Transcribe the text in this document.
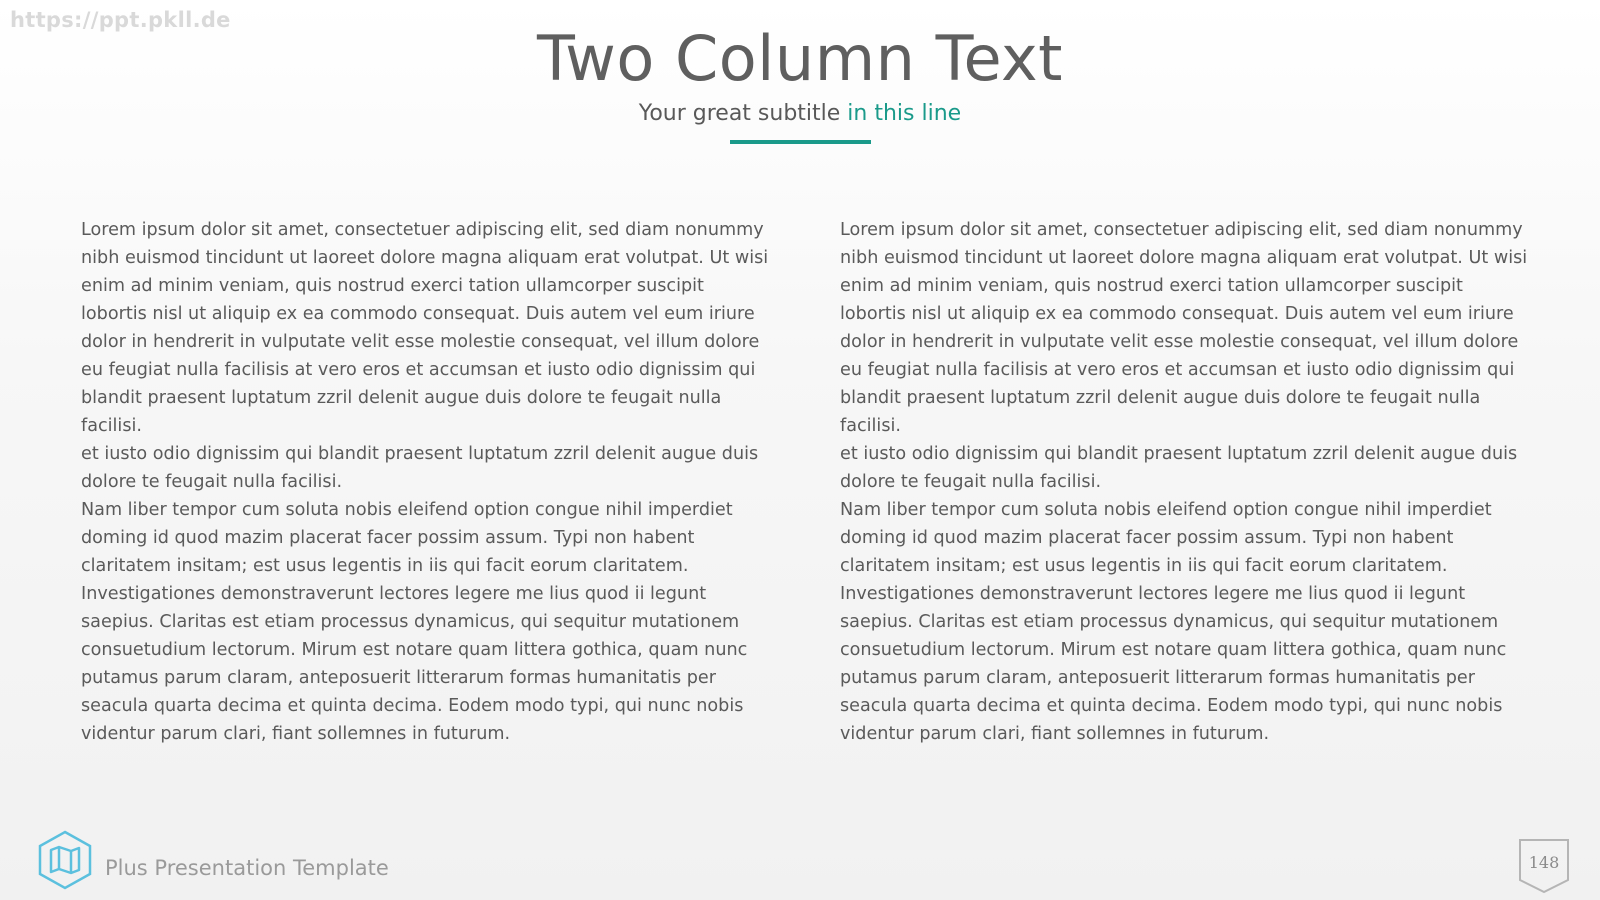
https://ppt.pkll.de
Two Column Text
Your great subtitle in this line

Lorem ipsum dolor sit amet, consectetuer adipiscing elit, sed diam nonummy nibh euismod tincidunt ut laoreet dolore magna aliquam erat volutpat. Ut wisi enim ad minim veniam, quis nostrud exerci tation ullamcorper suscipit lobortis nisl ut aliquip ex ea commodo consequat. Duis autem vel eum iriure dolor in hendrerit in vulputate velit esse molestie consequat, vel illum dolore eu feugiat nulla facilisis at vero eros et accumsan et iusto odio dignissim qui blandit praesent luptatum zzril delenit augue duis dolore te feugait nulla facilisi.

et iusto odio dignissim qui blandit praesent luptatum zzril delenit augue duis dolore te feugait nulla facilisi.

Nam liber tempor cum soluta nobis eleifend option congue nihil imperdiet doming id quod mazim placerat facer possim assum. Typi non habent claritatem insitam; est usus legentis in iis qui facit eorum claritatem. Investigationes demonstraverunt lectores legere me lius quod ii legunt saepius. Claritas est etiam processus dynamicus, qui sequitur mutationem consuetudium lectorum. Mirum est notare quam littera gothica, quam nunc putamus parum claram, anteposuerit litterarum formas humanitatis per seacula quarta decima et quinta decima. Eodem modo typi, qui nunc nobis videntur parum clari, fiant sollemnes in futurum.

Lorem ipsum dolor sit amet, consectetuer adipiscing elit, sed diam nonummy nibh euismod tincidunt ut laoreet dolore magna aliquam erat volutpat. Ut wisi enim ad minim veniam, quis nostrud exerci tation ullamcorper suscipit lobortis nisl ut aliquip ex ea commodo consequat. Duis autem vel eum iriure dolor in hendrerit in vulputate velit esse molestie consequat, vel illum dolore eu feugiat nulla facilisis at vero eros et accumsan et iusto odio dignissim qui blandit praesent luptatum zzril delenit augue duis dolore te feugait nulla facilisi.

et iusto odio dignissim qui blandit praesent luptatum zzril delenit augue duis dolore te feugait nulla facilisi.

Nam liber tempor cum soluta nobis eleifend option congue nihil imperdiet doming id quod mazim placerat facer possim assum. Typi non habent claritatem insitam; est usus legentis in iis qui facit eorum claritatem. Investigationes demonstraverunt lectores legere me lius quod ii legunt saepius. Claritas est etiam processus dynamicus, qui sequitur mutationem consuetudium lectorum. Mirum est notare quam littera gothica, quam nunc putamus parum claram, anteposuerit litterarum formas humanitatis per seacula quarta decima et quinta decima. Eodem modo typi, qui nunc nobis videntur parum clari, fiant sollemnes in futurum.

Plus Presentation Template	148
